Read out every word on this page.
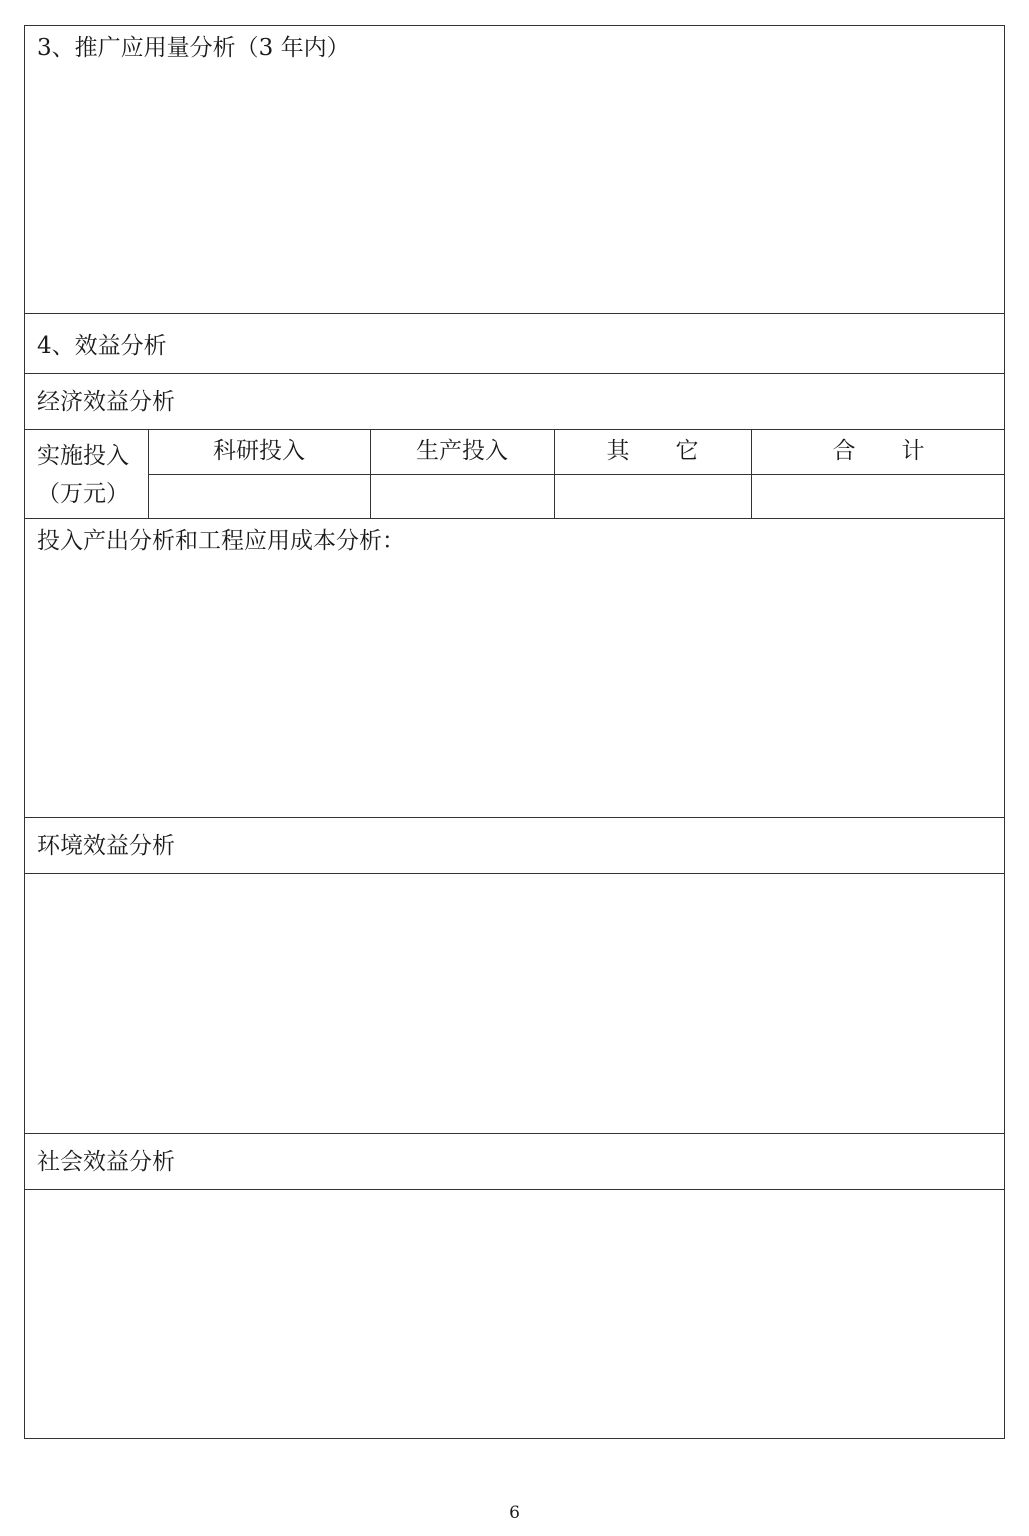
3、推广应用量分析（3 年内）
4、效益分析
经济效益分析
实施投入
（万元）
科研投入	生产投入	其　　它	合　　计
投入产出分析和工程应用成本分析：
环境效益分析
社会效益分析
6
